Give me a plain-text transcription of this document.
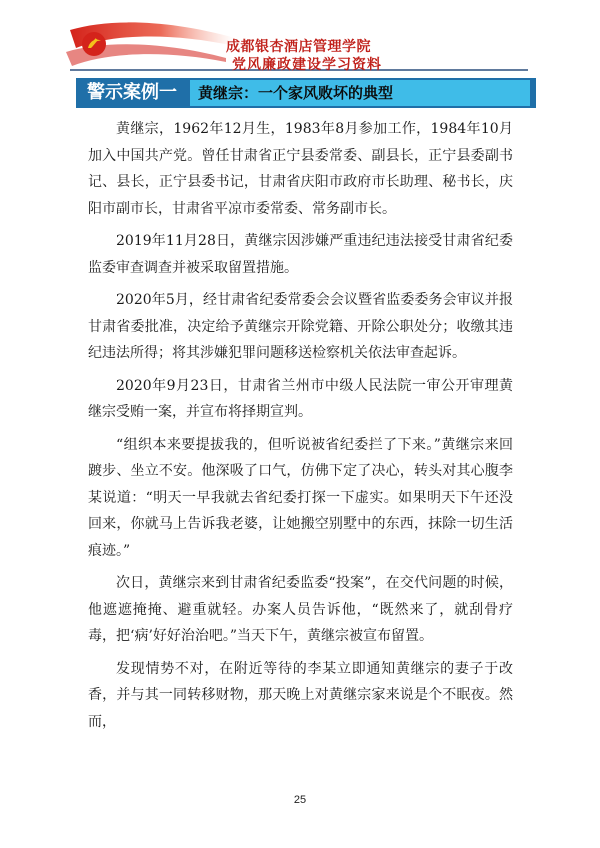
成都银杏酒店管理学院
党风廉政建设学习资料
警示案例一	黄继宗：一个家风败坏的典型

黄继宗，1962年12月生，1983年8月参加工作，1984年10月加入中国共产党。曾任甘肃省正宁县委常委、副县长，正宁县委副书记、县长，正宁县委书记，甘肃省庆阳市政府市长助理、秘书长，庆阳市副市长，甘肃省平凉市委常委、常务副市长。

2019年11月28日，黄继宗因涉嫌严重违纪违法接受甘肃省纪委监委审查调查并被采取留置措施。

2020年5月，经甘肃省纪委常委会会议暨省监委委务会审议并报甘肃省委批准，决定给予黄继宗开除党籍、开除公职处分；收缴其违纪违法所得；将其涉嫌犯罪问题移送检察机关依法审查起诉。

2020年9月23日，甘肃省兰州市中级人民法院一审公开审理黄继宗受贿一案，并宣布将择期宣判。

“组织本来要提拔我的，但听说被省纪委拦了下来。”黄继宗来回踱步、坐立不安。他深吸了口气，仿佛下定了决心，转头对其心腹李某说道：“明天一早我就去省纪委打探一下虚实。如果明天下午还没回来，你就马上告诉我老婆，让她搬空别墅中的东西，抹除一切生活痕迹。”

次日，黄继宗来到甘肃省纪委监委“投案”，在交代问题的时候，他遮遮掩掩、避重就轻。办案人员告诉他，“既然来了，就刮骨疗毒，把‘病’好好治治吧。”当天下午，黄继宗被宣布留置。

发现情势不对，在附近等待的李某立即通知黄继宗的妻子于改香，并与其一同转移财物，那天晚上对黄继宗家来说是个不眠夜。然而，

25
